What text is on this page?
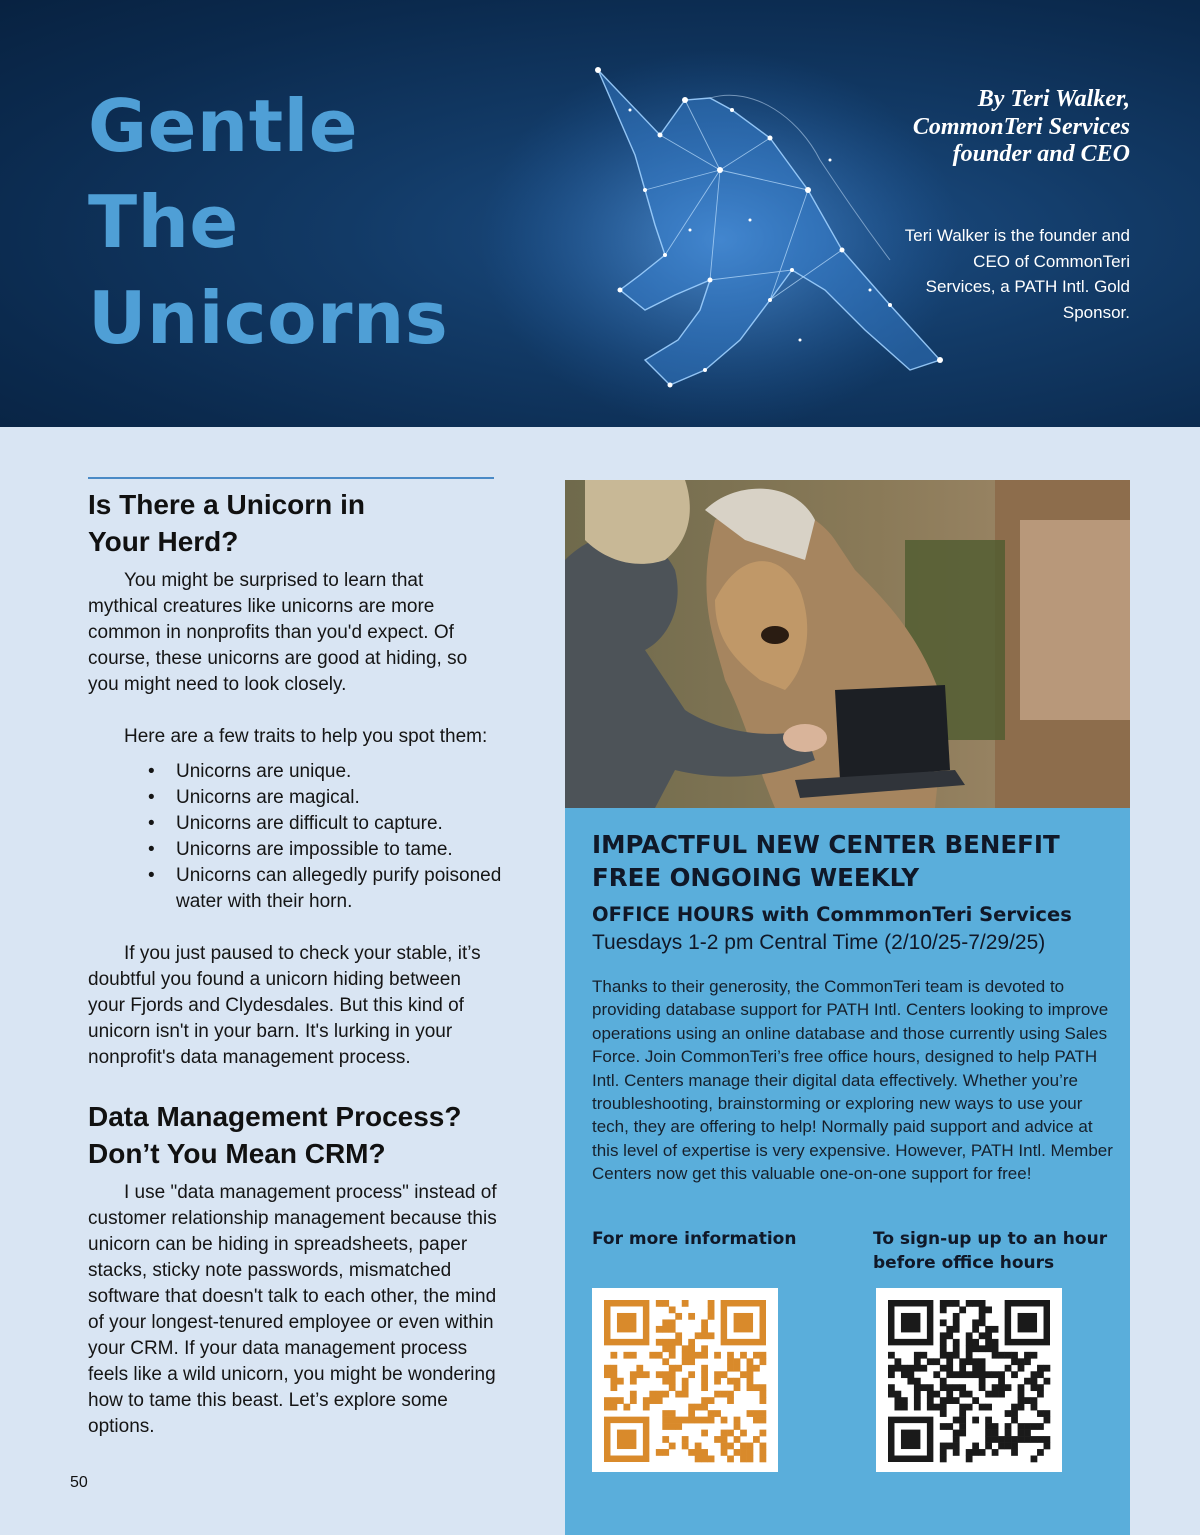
Gentle
The
Unicorns

By Teri Walker, CommonTeri Services founder and CEO

Teri Walker is the founder and CEO of CommonTeri Services, a PATH Intl. Gold Sponsor.

Is There a Unicorn in
Your Herd?

You might be surprised to learn that mythical creatures like unicorns are more common in nonprofits than you'd expect. Of course, these unicorns are good at hiding, so you might need to look closely.

Here are a few traits to help you spot them:

• Unicorns are unique.
• Unicorns are magical.
• Unicorns are difficult to capture.
• Unicorns are impossible to tame.
• Unicorns can allegedly purify poisoned water with their horn.

If you just paused to check your stable, it’s doubtful you found a unicorn hiding between your Fjords and Clydesdales. But this kind of unicorn isn't in your barn. It's lurking in your nonprofit's data management process.

Data Management Process?
Don’t You Mean CRM?

I use "data management process" instead of customer relationship management because this unicorn can be hiding in spreadsheets, paper stacks, sticky note passwords, mismatched software that doesn't talk to each other, the mind of your longest-tenured employee or even within your CRM. If your data management process feels like a wild unicorn, you might be wondering how to tame this beast. Let’s explore some options.

50
IMPACTFUL NEW CENTER BENEFIT
FREE ONGOING WEEKLY

OFFICE HOURS with CommmonTeri Services

Tuesdays 1-2 pm Central Time (2/10/25-7/29/25)

Thanks to their generosity, the CommonTeri team is devoted to providing database support for PATH Intl. Centers looking to improve operations using an online database and those currently using Sales Force. Join CommonTeri’s free office hours, designed to help PATH Intl. Centers manage their digital data effectively. Whether you’re troubleshooting, brainstorming or exploring new ways to use your tech, they are offering to help! Normally paid support and advice at this level of expertise is very expensive. However, PATH Intl. Member Centers now get this valuable one-on-one support for free!

For more information	To sign-up up to an hour before office hours
